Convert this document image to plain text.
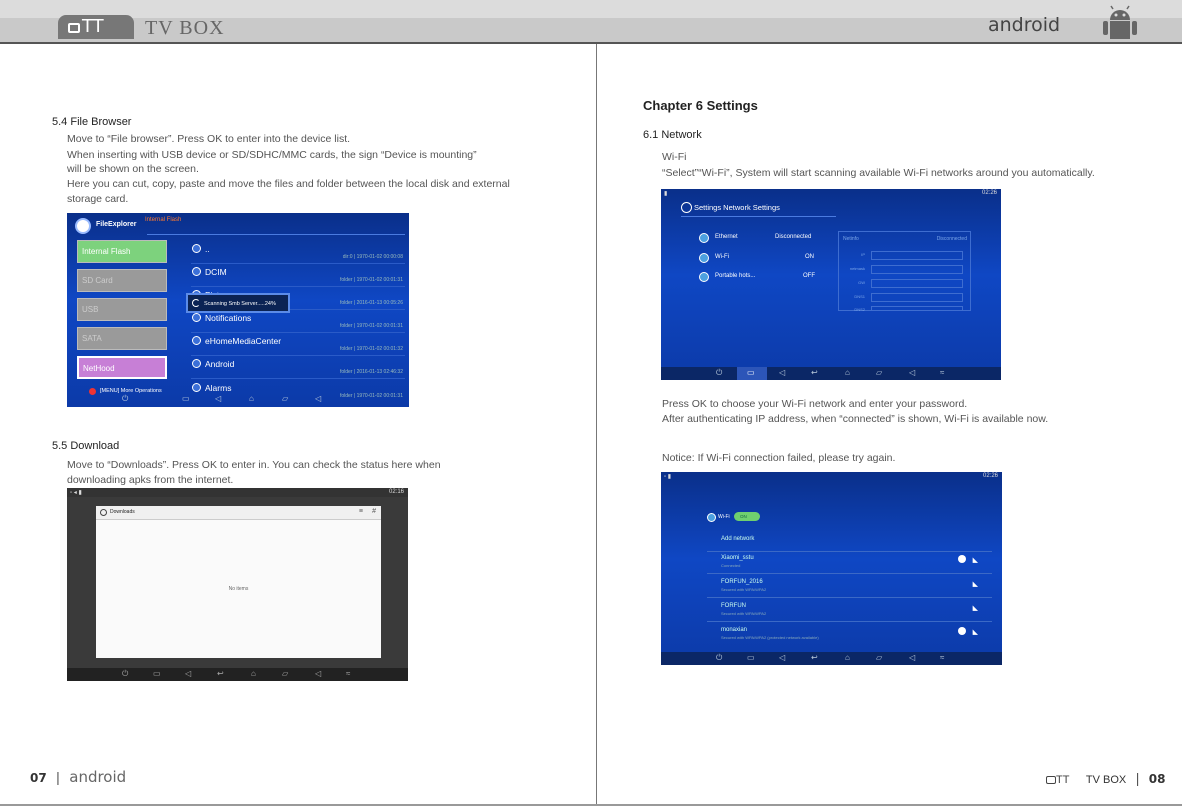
TT	TV BOX	android
5.4 File Browser
Move to “File browser”. Press OK to enter into the device list.
When inserting with USB device or SD/SDHC/MMC cards, the sign “Device is mounting”
will be shown on the screen.
Here you can cut, copy, paste and move the files and folder between the local disk and external
storage card.
FileExplorer
Internal Flash
Internal Flash
SD Card
USB
SATA
NetHood
[MENU] More Operations
..
dir:0 | 1970-01-02 00:00:08
DCIM
folder | 1970-01-02 00:01:31
folder | 2016-01-13 00:05:26
Notifications
folder | 1970-01-02 00:01:31
eHomeMediaCenter
folder | 1970-01-02 00:01:32
Android
folder | 2016-01-13 02:46:32
Alarms
folder | 1970-01-02 00:01:31
Scanning Smb Server.....24%
⏻	▭	◁	⌂	▱	◁
5.5 Download
Move to “Downloads”. Press OK to enter in. You can check the status here when
downloading apks from the internet.
▫ ◂ ▮	02:16
Downloads	≡ #
No items
⏻	▭	◁	↩	⌂	▱	◁	≈
Chapter 6 Settings
6.1 Network
Wi-Fi
“Select”“Wi-Fi”, System will start scanning available Wi-Fi networks around you automatically.
▮	02:26
Settings Network Settings
Ethernet	Disconnected
Wi-Fi	ON
Portable hots...	OFF
Netinfo	Disconnected
IP
netmask
GW
DNS1
DNS2
⏻	▭	◁	↩	⌂	▱	◁	≈
Press OK to choose your Wi-Fi network and enter your password.
After authenticating IP address, when “connected” is shown, Wi-Fi is available now.
Notice: If Wi-Fi connection failed, please try again.
▫ ▮	02:26
Wi-Fi	ON
Add network
Xiaomi_sstu
Connected
◣
FORFUN_2016
Secured with WPA/WPA2
◣
FORFUN
Secured with WPA/WPA2
◣
monaxian
Secured with WPA/WPA2 (protected network available)
◣
⏻	▭	◁	↩	⌂	▱	◁	≈
07 | android	TT TV BOX | 08
